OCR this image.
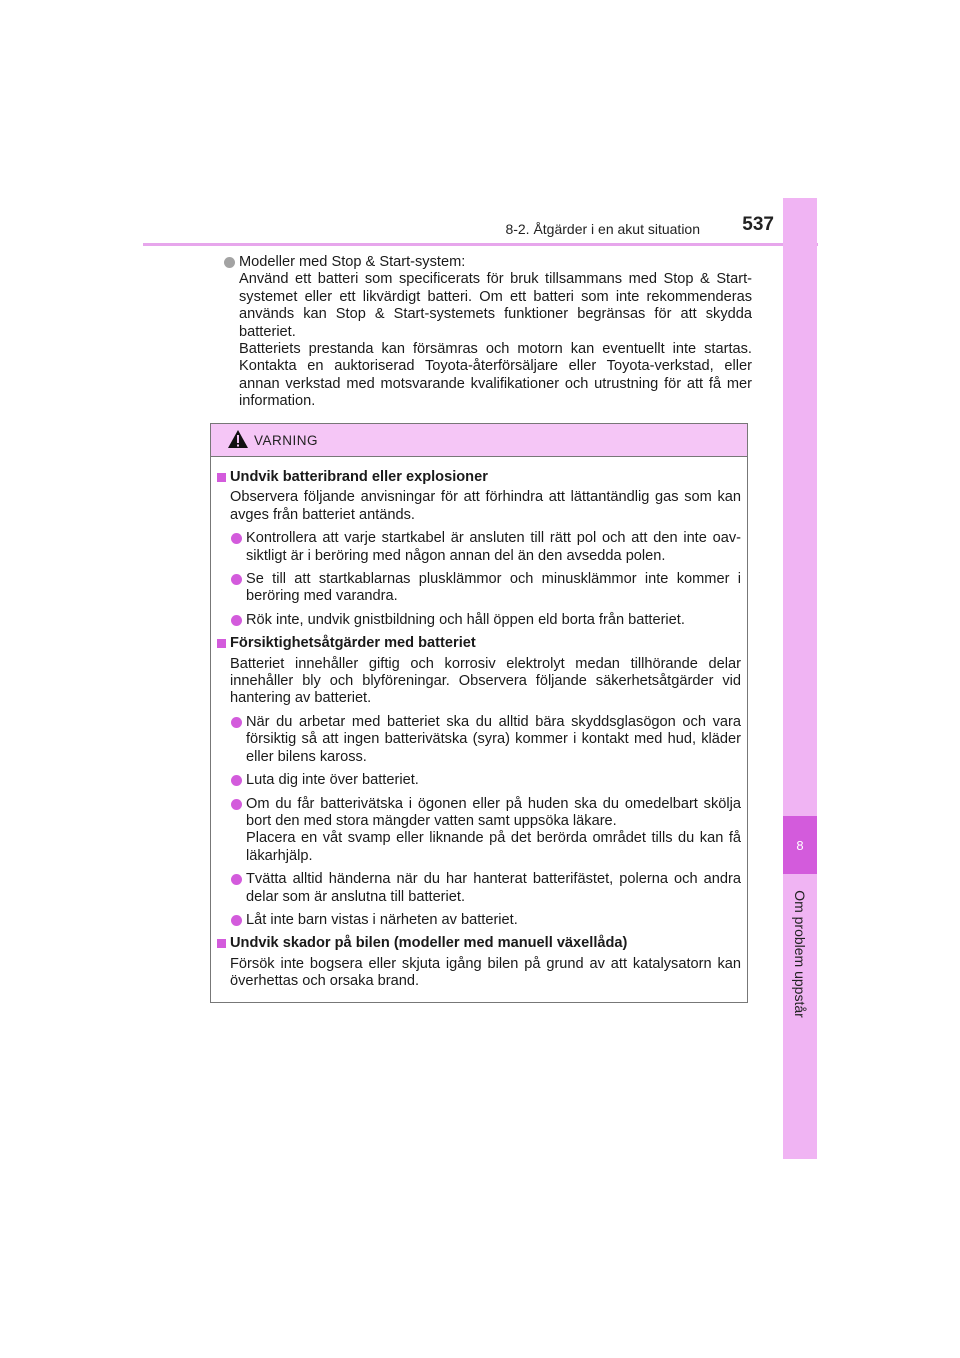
8-2. Åtgärder i en akut situation 537
8
Om problem uppstår
Modeller med Stop & Start-system:

Använd ett batteri som specificerats för bruk tillsammans med Stop & Start-systemet eller ett likvärdigt batteri. Om ett batteri som inte rekommenderas används kan Stop & Start-systemets funktioner begränsas för att skydda batteriet.

Batteriets prestanda kan försämras och motorn kan eventuellt inte startas. Kontakta en auktoriserad Toyota-återförsäljare eller Toyota-verkstad, eller annan verkstad med motsvarande kvalifikationer och utrustning för att få mer information.

VARNING
Undvik batteribrand eller explosioner
Observera följande anvisningar för att förhindra att lättantändlig gas som kan avges från batteriet antänds.
Kontrollera att varje startkabel är ansluten till rätt pol och att den inte oav-siktligt är i beröring med någon annan del än den avsedda polen.
Se till att startkablarnas plusklämmor och minusklämmor inte kommer i beröring med varandra.
Rök inte, undvik gnistbildning och håll öppen eld borta från batteriet.
Försiktighetsåtgärder med batteriet
Batteriet innehåller giftig och korrosiv elektrolyt medan tillhörande delar innehåller bly och blyföreningar. Observera följande säkerhetsåtgärder vid hantering av batteriet.
När du arbetar med batteriet ska du alltid bära skyddsglasögon och vara försiktig så att ingen batterivätska (syra) kommer i kontakt med hud, kläder eller bilens kaross.
Luta dig inte över batteriet.
Om du får batterivätska i ögonen eller på huden ska du omedelbart skölja bort den med stora mängder vatten samt uppsöka läkare.
Placera en våt svamp eller liknande på det berörda området tills du kan få läkarhjälp.
Tvätta alltid händerna när du har hanterat batterifästet, polerna och andra delar som är anslutna till batteriet.
Låt inte barn vistas i närheten av batteriet.
Undvik skador på bilen (modeller med manuell växellåda)
Försök inte bogsera eller skjuta igång bilen på grund av att katalysatorn kan överhettas och orsaka brand.
